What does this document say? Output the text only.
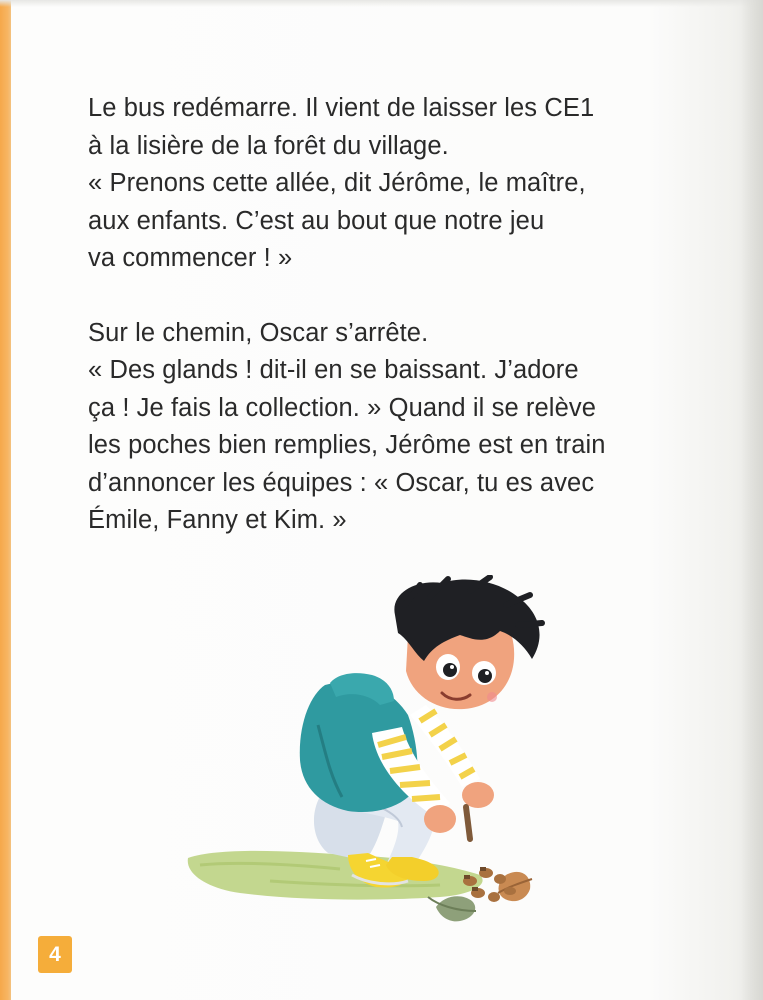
Le bus redémarre. Il vient de laisser les CE1
à la lisière de la forêt du village.
« Prenons cette allée, dit Jérôme, le maître,
aux enfants. C’est au bout que notre jeu
va commencer ! »

Sur le chemin, Oscar s’arrête.
« Des glands ! dit-il en se baissant. J’adore
ça ! Je fais la collection. » Quand il se relève
les poches bien remplies, Jérôme est en train
d’annoncer les équipes : « Oscar, tu es avec
Émile, Fanny et Kim. »

4
